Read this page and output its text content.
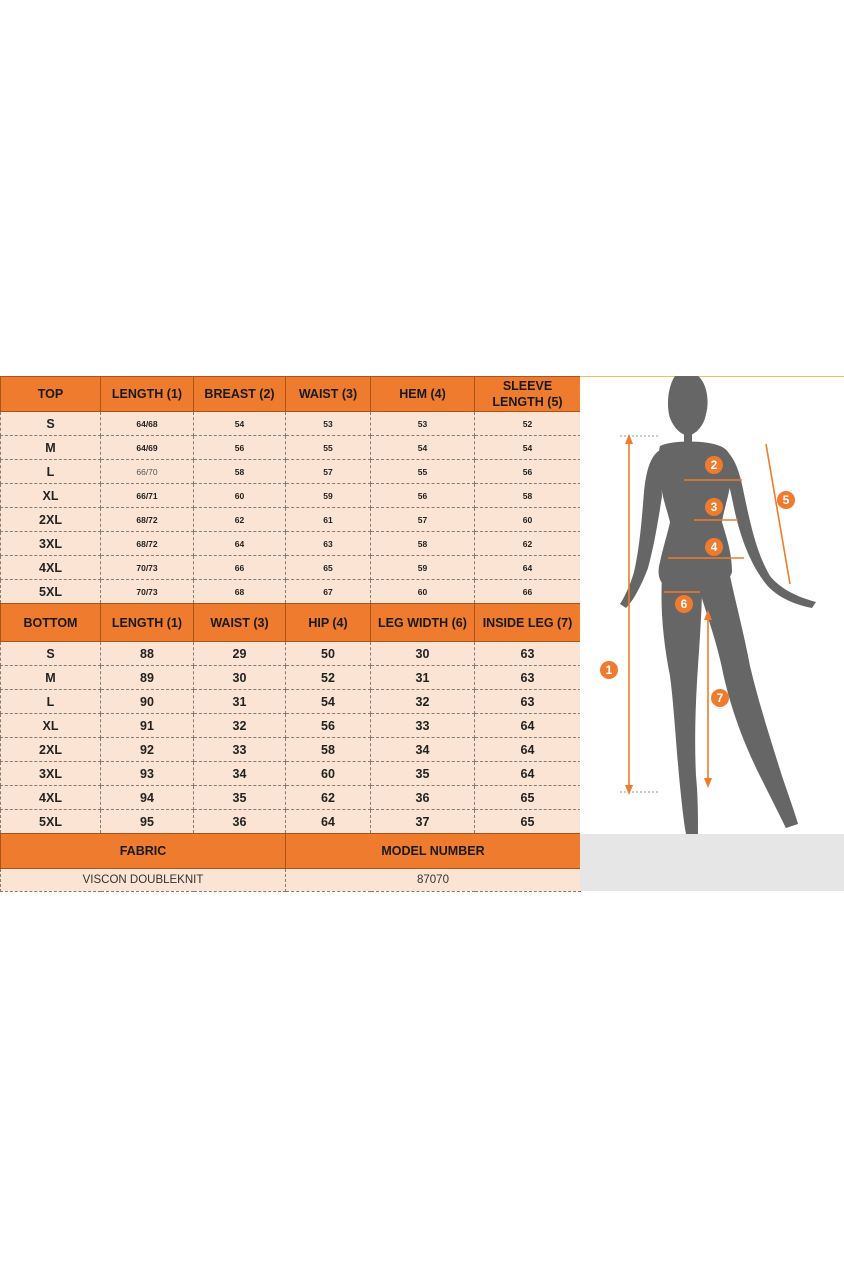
TOP	LENGTH (1)	BREAST (2)	WAIST (3)	HEM (4)	SLEEVE
LENGTH (5)
S	64/68	54	53	53	52
M	64/69	56	55	54	54
L	66/70	58	57	55	56
XL	66/71	60	59	56	58
2XL	68/72	62	61	57	60
3XL	68/72	64	63	58	62
4XL	70/73	66	65	59	64
5XL	70/73	68	67	60	66
BOTTOM	LENGTH (1)	WAIST (3)	HIP (4)	LEG WIDTH (6)	INSIDE LEG (7)
S	88	29	50	30	63
M	89	30	52	31	63
L	90	31	54	32	63
XL	91	32	56	33	64
2XL	92	33	58	34	64
3XL	93	34	60	35	64
4XL	94	35	62	36	65
5XL	95	36	64	37	65
FABRIC			MODEL NUMBER		
VISCON DOUBLEKNIT			87070		
1
2
3
4
5
6
7
